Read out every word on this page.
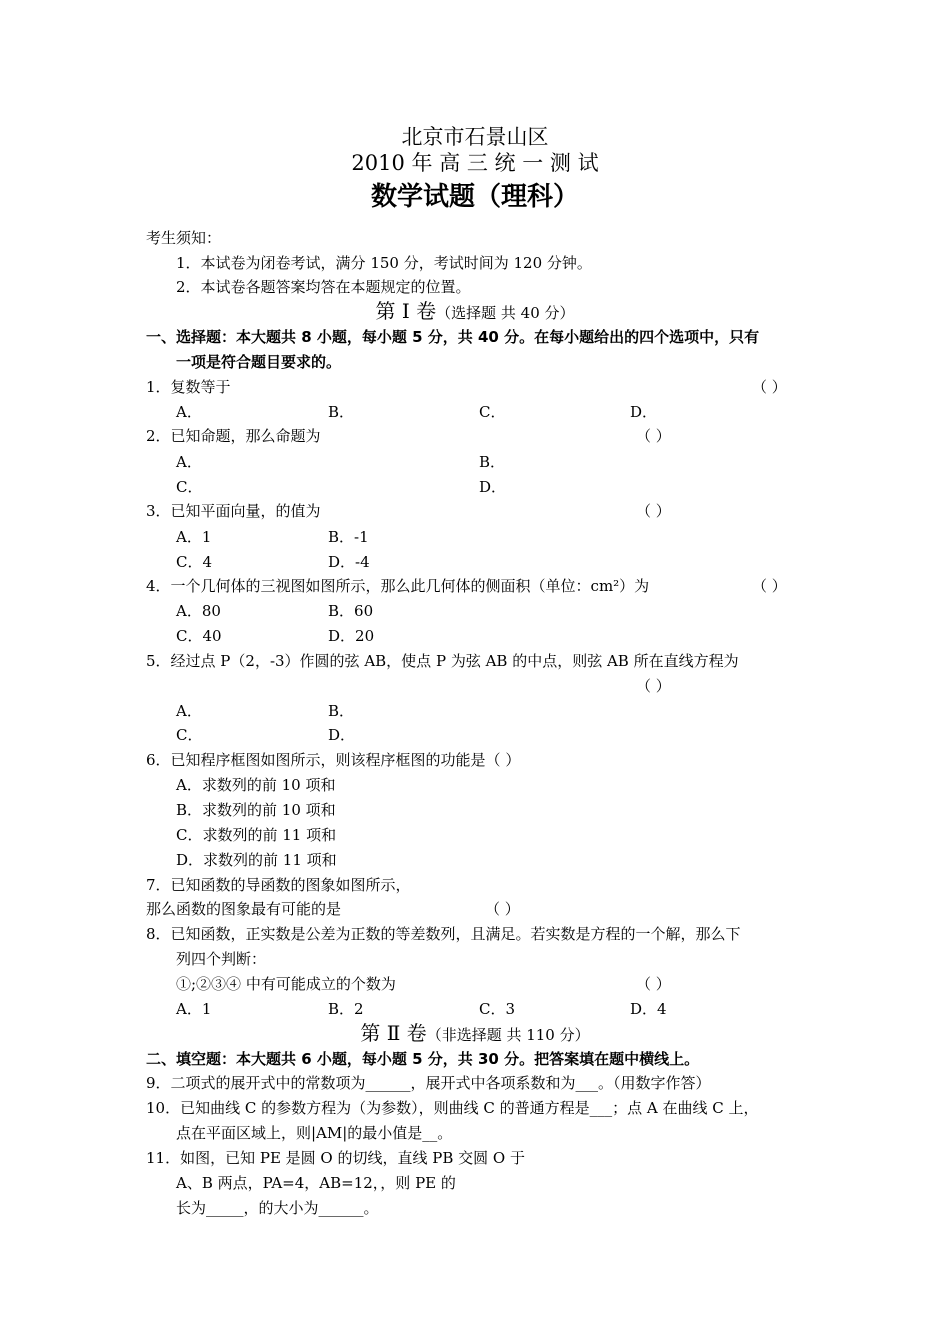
北京市石景山区
2010 年 高 三 统 一 测 试
数学试题（理科）
考生须知：
1．本试卷为闭卷考试，满分 150 分，考试时间为 120 分钟。
2．本试卷各题答案均答在本题规定的位置。
第 Ⅰ 卷（选择题 共 40 分）
一、选择题：本大题共 8 小题，每小题 5 分，共 40 分。在每小题给出的四个选项中，只有
一项是符合题目要求的。
1．复数等于	（ ）
A．	B．	C．	D．
2．已知命题，那么命题为	（ ）
A．	B．
C．	D．
3．已知平面向量，的值为	（ ）
A．1	B．-1
C．4	D．-4
4．一个几何体的三视图如图所示，那么此几何体的侧面积（单位：cm²）为	（ ）
A．80	B．60
C．40	D．20
5．经过点 P（2，-3）作圆的弦 AB，使点 P 为弦 AB 的中点，则弦 AB 所在直线方程为
（ ）
A．	B．
C．	D．
6．已知程序框图如图所示，则该程序框图的功能是（ ）
A．求数列的前 10 项和
B．求数列的前 10 项和
C．求数列的前 11 项和
D．求数列的前 11 项和
7．已知函数的导函数的图象如图所示，
那么函数的图象最有可能的是	（ ）
8．已知函数，正实数是公差为正数的等差数列，且满足。若实数是方程的一个解，那么下
列四个判断：
①;②③④ 中有可能成立的个数为	（ ）
A．1	B．2	C．3	D．4
第 Ⅱ 卷（非选择题 共 110 分）
二、填空题：本大题共 6 小题，每小题 5 分，共 30 分。把答案填在题中横线上。
9．二项式的展开式中的常数项为______，展开式中各项系数和为___。（用数字作答）
10．已知曲线 C 的参数方程为（为参数），则曲线 C 的普通方程是___；点 A 在曲线 C 上，
点在平面区域上，则|AM|的最小值是__。
11．如图，已知 PE 是圆 O 的切线，直线 PB 交圆 O 于
A、B 两点，PA=4，AB=12，，则 PE 的
长为_____，的大小为______。
